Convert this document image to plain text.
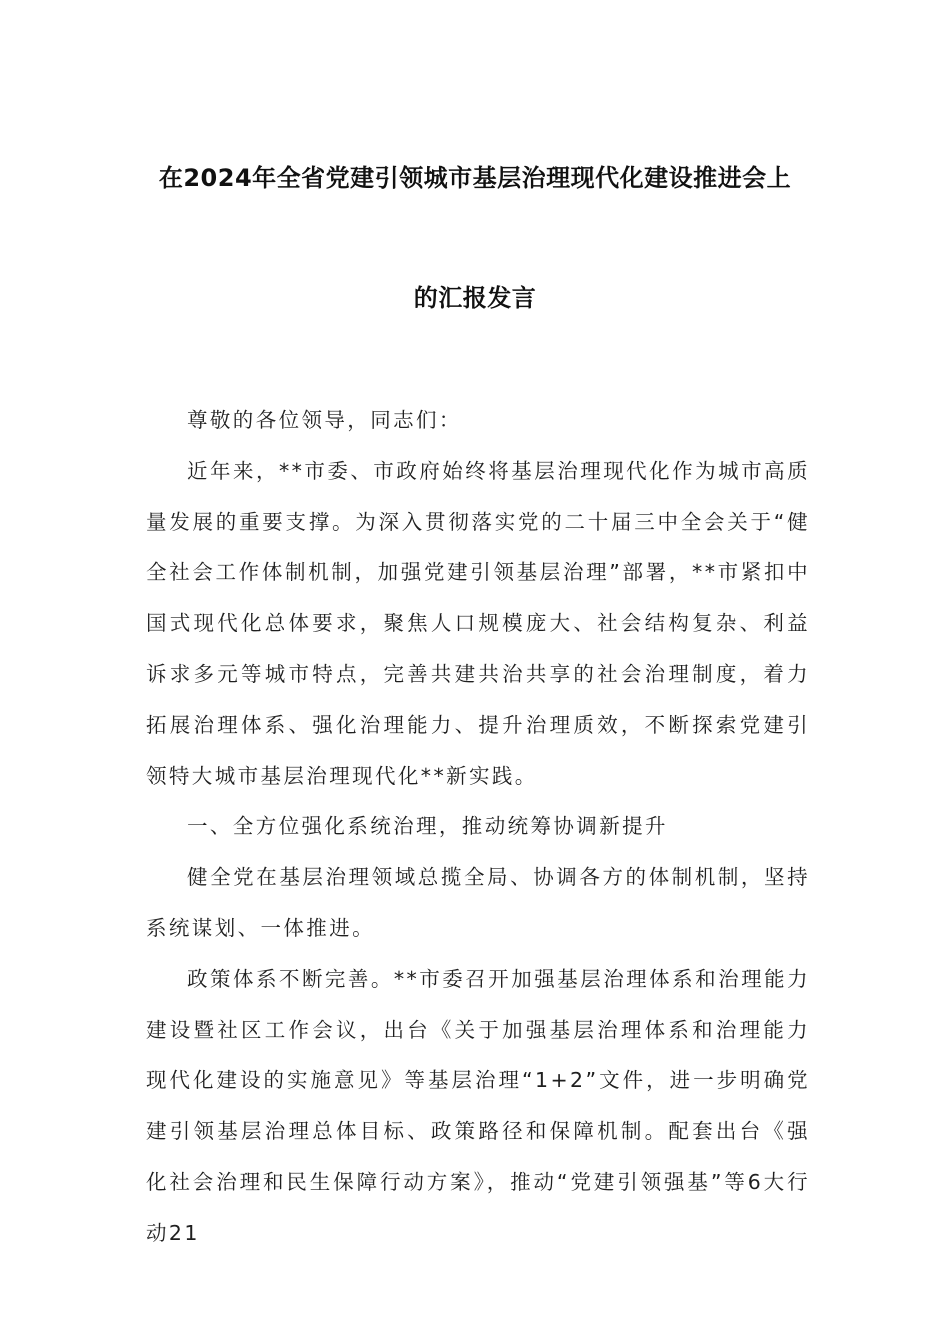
在2024年全省党建引领城市基层治理现代化建设推进会上
的汇报发言

尊敬的各位领导，同志们：

近年来，**市委、市政府始终将基层治理现代化作为城市高质量发展的重要支撑。为深入贯彻落实党的二十届三中全会关于“健全社会工作体制机制，加强党建引领基层治理”部署，**市紧扣中国式现代化总体要求，聚焦人口规模庞大、社会结构复杂、利益诉求多元等城市特点，完善共建共治共享的社会治理制度，着力拓展治理体系、强化治理能力、提升治理质效，不断探索党建引领特大城市基层治理现代化**新实践。

一、全方位强化系统治理，推动统筹协调新提升

健全党在基层治理领域总揽全局、协调各方的体制机制，坚持系统谋划、一体推进。

政策体系不断完善。**市委召开加强基层治理体系和治理能力建设暨社区工作会议，出台《关于加强基层治理体系和治理能力现代化建设的实施意见》等基层治理“1+2”文件，进一步明确党建引领基层治理总体目标、政策路径和保障机制。配套出台《强化社会治理和民生保障行动方案》，推动“党建引领强基”等6大行动21
